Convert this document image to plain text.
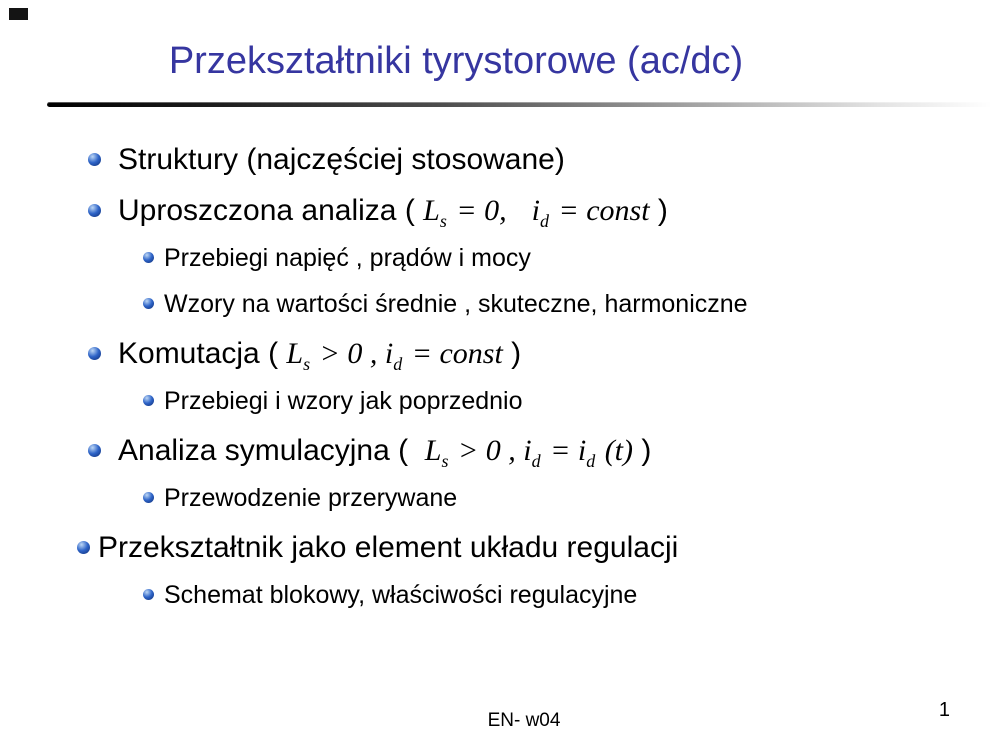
Przekształtniki tyrystorowe (ac/dc)
Struktury (najczęściej stosowane)
Uproszczona analiza ( $L_s = 0$, $i_d$ = const )
Przebiegi napięć , prądów i mocy
Wzory na wartości średnie , skuteczne, harmoniczne
Komutacja ( $L_s > 0$ , $i_d$ = const )
Przebiegi i wzory jak poprzednio
Analiza symulacyjna (  $L_s > 0$ , $i_d = i_d$ (t) )
Przewodzenie przerywane
Przekształtnik jako element układu regulacji
Schemat blokowy, właściwości regulacyjne
EN- w04	1
